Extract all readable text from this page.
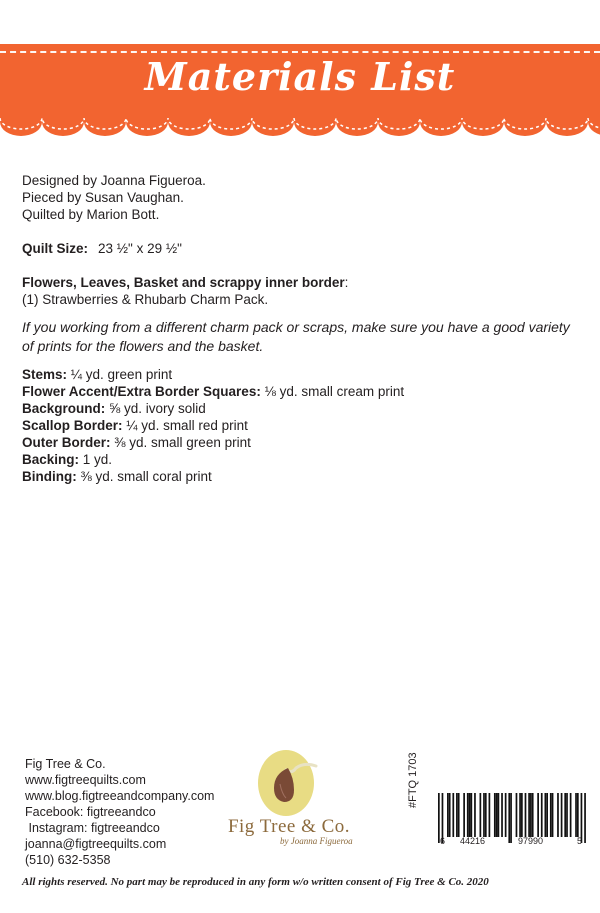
Materials List

Designed by Joanna Figueroa.

Pieced by Susan Vaughan.

Quilted by Marion Bott.

Quilt Size: 23 ½" x 29 ½"

Flowers, Leaves, Basket and scrappy inner border:

(1) Strawberries & Rhubarb Charm Pack.

If you working from a different charm pack or scraps, make sure you have a good variety of prints for the flowers and the basket.

Stems: ¼ yd. green print

Flower Accent/Extra Border Squares: ⅛ yd. small cream print

Background: ⅝ yd. ivory solid

Scallop Border: ¼ yd. small red print

Outer Border: ⅜ yd. small green print

Backing: 1 yd.

Binding: ⅜ yd. small coral print

Fig Tree & Co.
www.figtreequilts.com
www.blog.figtreeandcompany.com
Facebook: figtreeandco
Instagram: figtreeandco
joanna@figtreequilts.com
(510) 632-5358
Fig Tree & Co.
by Joanna Figueroa
#FTQ 1703
6 44216	97990	5
All rights reserved. No part may be reproduced in any form w/o written consent of Fig Tree & Co. 2020
